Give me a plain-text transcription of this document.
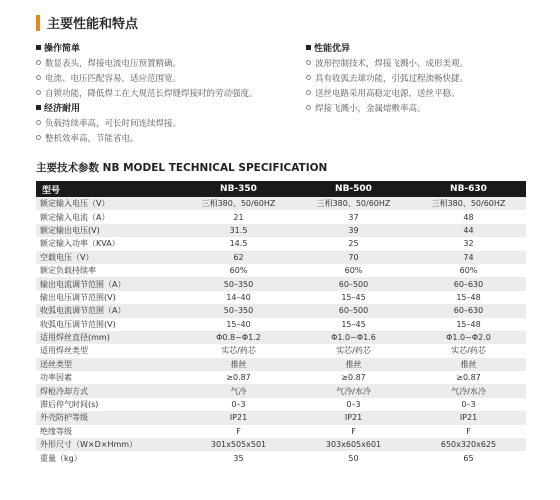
主要性能和特点
操作简单
数显表头，焊接电流电压预置精确。
电流、电压匹配容易，适应范围宽。
自锁功能，降低焊工在大规范长焊缝焊接时的劳动强度。
经济耐用
负载持续率高，可长时间连续焊接。
整机效率高，节能省电。
性能优异
波形控制技术，焊接飞溅小、成形美观。
具有收弧去球功能，引弧过程流畅快捷。
送丝电路采用高稳定电源，送丝平稳。
焊接飞溅小，金属熔敷率高。
主要技术参数 NB MODEL TECHNICAL SPECIFICATION
型号	NB-350	NB-500	NB-630
额定输入电压（V）	三相380、50/60HZ	三相380、50/60HZ	三相380、50/60HZ
额定输入电流（A）	21	37	48
额定输出电压(V)	31.5	39	44
额定输入功率（KVA）	14.5	25	32
空载电压（V）	62	70	74
额定负载持续率	60%	60%	60%
输出电流调节范围（A）	50–350	60–500	60–630
输出电压调节范围(V)	14–40	15–45	15–48
收弧电流调节范围（A）	50–350	60–500	60–630
收弧电压调节范围(V)	15–40	15–45	15–48
适用焊丝直径(mm)	Φ0.8~Φ1.2	Φ1.0~Φ1.6	Φ1.0~Φ2.0
适用焊丝类型	实芯/药芯	实芯/药芯	实芯/药芯
送丝类型	推丝	推丝	推丝
功率因素	≥0.87	≥0.87	≥0.87
焊枪冷却方式	气冷	气冷/水冷	气冷/水冷
滞后停气时间(s)	0–3	0–3	0–3
外壳防护等级	IP21	IP21	IP21
绝缘等级	F	F	F
外形尺寸（W×D×Hmm）	301x505x501	303x605x601	650x320x625
重量（kg）	35	50	65
